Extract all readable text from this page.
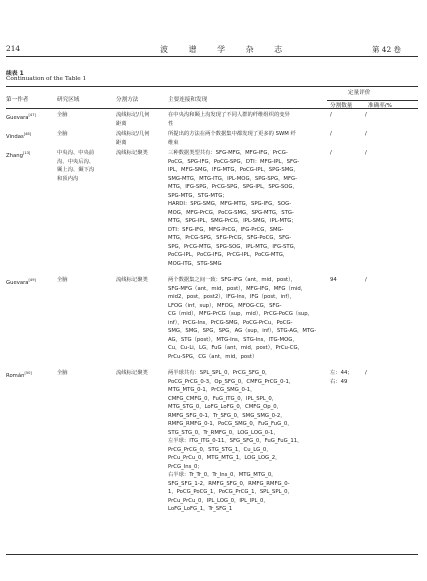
214	波 谱 学 杂 志	第 42 卷
续表 1
Continuation of the Table 1
第一作者	研究区域	分割方法	主要连接和发现
定量评价
分割数量	准确率/%
Guevara[47]	全脑	流线标记/几何
距离
在中央沟和颞上沟发现了不同人群的纤维组织的变异
性
/	/
Vindas[48]	全脑	流线标记/几何
距离
所提出的方法在两个数据集中都发现了更多的 SWM 纤
维束
/	/
Zhang[13]	中央沟、中央前
沟、中央后沟、
颞上沟、颞下沟
和顶内沟
流线标记聚类	三种数据类型共有：SFG-MFG，MFG-IFG，PrCG-
PoCG，SPG-IFG，PoCG-SPG，DTI：MFG-IPL，SFG-
IPL，MFG-SMG，IFG-MTG，PoCG-IPL，SPG-SMG，
SMG-MTG，MTG-ITG，IPL-MOG，SPG-SPG，MFG-
MTG，IFG-SPG，PrCG-SPG，SPG-IPL，SPG-SOG，
SPG-MTG，STG-MTG；
HARDI：SPG-SMG，MFG-MTG，SPG-IFG，SOG-
MOG，MFG-PrCG，PoCG-SMG，SPG-MTG，STG-
MTG，SPG-IPL，SMG-PrCG，IPL-SMG，IPL-MTG；
DTI：SFG-IFG，MFG-PrCG，IFG-PrCG，SMG-
MTG，PrCG-SPG，SFG-PrCG，SFG-PoCG，SFG-
SPG，PrCG-MTG，SPG-SOG，IPL-MTG，IFG-STG，
PoCG-IPL，PoCG-IFG，PrCG-IPL，PoCG-MTG，
MOG-ITG，STG-SMG
/	/
Guevara[49]	全脑	流线标记聚类	两个数据集之间一致：SFG-IFG（ant，mid，post），
SFG-MFG（ant，mid，post），MFG-IFG，MFG（mid，
mid2，post，post2），IFG-Ins，IFG（post，inf），
LFOG（inf，sup），MFOG，MFOG-CG，SFG-
CG（mid），MFG-PrCG（sup，mid），PrCG-PoCG（sup，
inf），PrCG-Ins，PrCG-SMG，PoCG-PrCu，PoCG-
SMG，SMG，SPG，SPG，AG（sup，inf），STG-AG，MTG-
AG，STG（post），MTG-Ins，STG-Ins，ITG-MOG，
Cu，Cu-Li，LG，FuG（ant，mid，post），PrCu-CG，
PrCu-SPG，CG（ant，mid，post）
94	/
Román[50]	全脑	流线标记聚类	两半球共有：SPL_SPL_0，PrCG_SFG_0，
PoCG_PrCG_0-3，Op_SFG_0，CMFG_PrCG_0-1，
MTG_MTG_0-1，PrCG_SMG_0-1，
CMFG_CMFG_0，FuG_ITG_0，IPL_SPL_0，
MTG_STG_0，LoFG_LoFG_0，CMFG_Op_0，
RMFG_SFG_0-1，Tr_SFG_0，SMG_SMG_0-2，
RMFG_RMFG_0-1，PoCG_SMG_0，FuG_FuG_0，
STG_STG_0，Tr_RMFG_0，LOG_LOG_0-1，
左半球：ITG_ITG_0-11，SFG_SFG_0，FuG_FuG_11，
PrCG_PrCG_0，STG_STG_1，Cu_LG_0，
PrCu_PrCu_0，MTG_MTG_1，LOG_LOG_2，
PrCG_Ins_0；
右半球：Tr_Tr_0，Tr_Ins_0，MTG_MTG_0，
SFG_SFG_1-2，RMFG_SFG_0，RMFG_RMFG_0-
1，PoCG_PoCG_1，PoCG_PrCG_1，SPL_SPL_0，
PrCu_PrCu_0，IPL_LOG_0，IPL_IPL_0，
LoFG_LoFG_1，Tr_SFG_1
左：44；
右：49
/
